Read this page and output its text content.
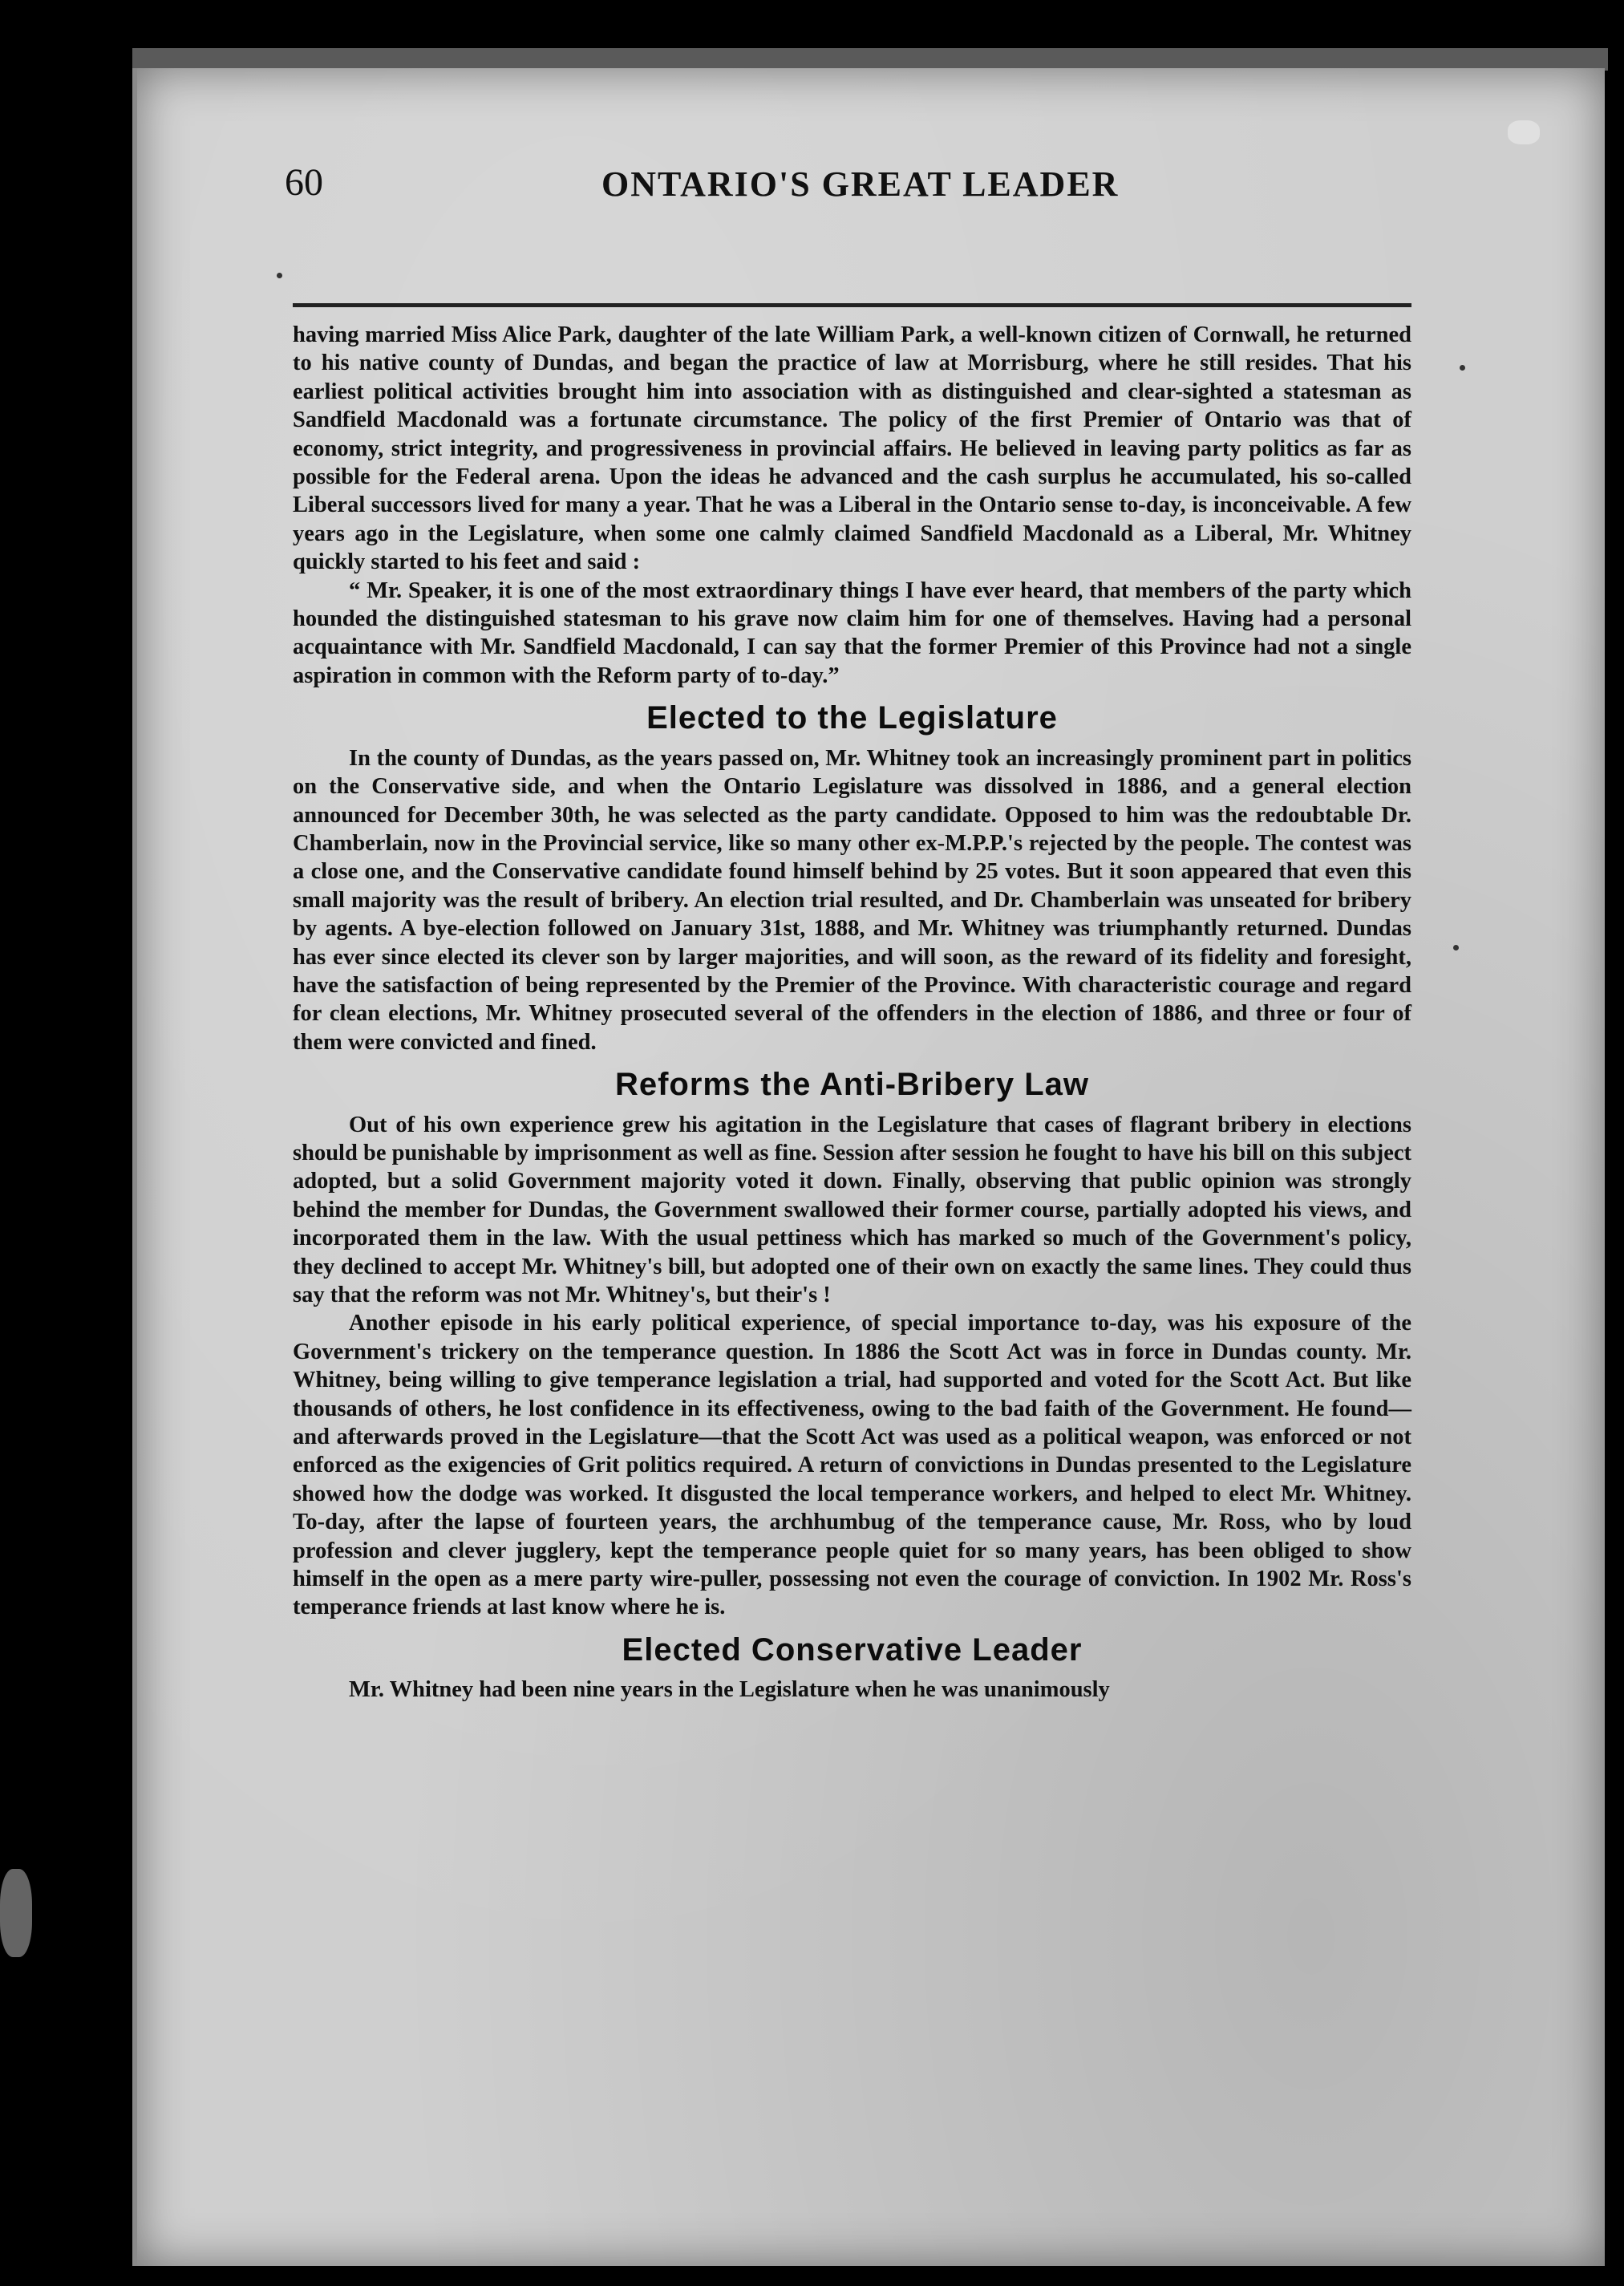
60	ONTARIO'S GREAT LEADER

having married Miss Alice Park, daughter of the late William Park, a well-known citizen of Cornwall, he returned to his native county of Dundas, and began the practice of law at Morrisburg, where he still resides. That his earliest political activities brought him into association with as distinguished and clear-sighted a statesman as Sandfield Macdonald was a fortunate circumstance. The policy of the first Premier of Ontario was that of economy, strict integrity, and progressiveness in provincial affairs. He believed in leaving party politics as far as possible for the Federal arena. Upon the ideas he advanced and the cash surplus he accumulated, his so-called Liberal successors lived for many a year. That he was a Liberal in the Ontario sense to-day, is inconceivable. A few years ago in the Legislature, when some one calmly claimed Sandfield Macdonald as a Liberal, Mr. Whitney quickly started to his feet and said :

“ Mr. Speaker, it is one of the most extraordinary things I have ever heard, that members of the party which hounded the distinguished statesman to his grave now claim him for one of themselves. Having had a personal acquaintance with Mr. Sandfield Macdonald, I can say that the former Premier of this Province had not a single aspiration in common with the Reform party of to-day.”

Elected to the Legislature

In the county of Dundas, as the years passed on, Mr. Whitney took an increasingly prominent part in politics on the Conservative side, and when the Ontario Legislature was dissolved in 1886, and a general election announced for December 30th, he was selected as the party candidate. Opposed to him was the redoubtable Dr. Chamberlain, now in the Provincial service, like so many other ex-M.P.P.'s rejected by the people. The contest was a close one, and the Conservative candidate found himself behind by 25 votes. But it soon appeared that even this small majority was the result of bribery. An election trial resulted, and Dr. Chamberlain was unseated for bribery by agents. A bye-election followed on January 31st, 1888, and Mr. Whitney was triumphantly returned. Dundas has ever since elected its clever son by larger majorities, and will soon, as the reward of its fidelity and foresight, have the satisfaction of being represented by the Premier of the Province. With characteristic courage and regard for clean elections, Mr. Whitney prosecuted several of the offenders in the election of 1886, and three or four of them were convicted and fined.

Reforms the Anti-Bribery Law

Out of his own experience grew his agitation in the Legislature that cases of flagrant bribery in elections should be punishable by imprisonment as well as fine. Session after session he fought to have his bill on this subject adopted, but a solid Government majority voted it down. Finally, observing that public opinion was strongly behind the member for Dundas, the Government swallowed their former course, partially adopted his views, and incorporated them in the law. With the usual pettiness which has marked so much of the Government's policy, they declined to accept Mr. Whitney's bill, but adopted one of their own on exactly the same lines. They could thus say that the reform was not Mr. Whitney's, but their's !

Another episode in his early political experience, of special importance to-day, was his exposure of the Government's trickery on the temperance question. In 1886 the Scott Act was in force in Dundas county. Mr. Whitney, being willing to give temperance legislation a trial, had supported and voted for the Scott Act. But like thousands of others, he lost confidence in its effectiveness, owing to the bad faith of the Government. He found—and afterwards proved in the Legislature—that the Scott Act was used as a political weapon, was enforced or not enforced as the exigencies of Grit politics required. A return of convictions in Dundas presented to the Legislature showed how the dodge was worked. It disgusted the local temperance workers, and helped to elect Mr. Whitney. To-day, after the lapse of fourteen years, the archhumbug of the temperance cause, Mr. Ross, who by loud profession and clever jugglery, kept the temperance people quiet for so many years, has been obliged to show himself in the open as a mere party wire-puller, possessing not even the courage of conviction. In 1902 Mr. Ross's temperance friends at last know where he is.

Elected Conservative Leader

Mr. Whitney had been nine years in the Legislature when he was unanimously
